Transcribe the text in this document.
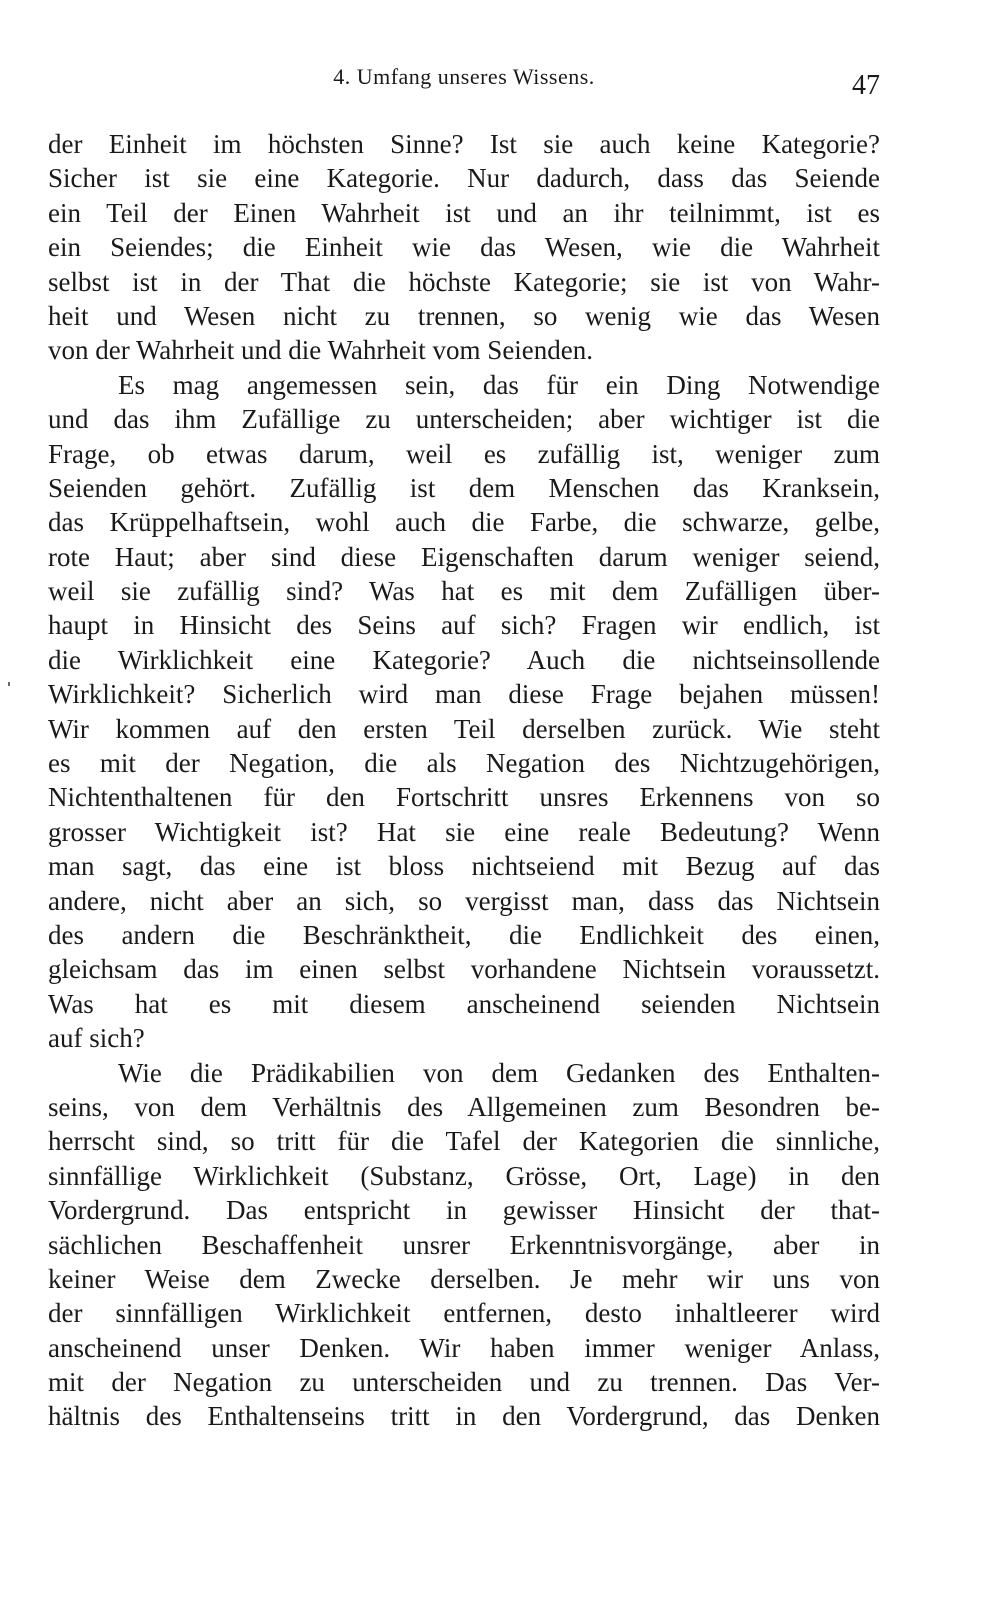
4. Umfang unseres Wissens.	47
der Einheit im höchsten Sinne? Ist sie auch keine Kategorie?
Sicher ist sie eine Kategorie. Nur dadurch, dass das Seiende
ein Teil der Einen Wahrheit ist und an ihr teilnimmt, ist es
ein Seiendes; die Einheit wie das Wesen, wie die Wahrheit
selbst ist in der That die höchste Kategorie; sie ist von Wahr-
heit und Wesen nicht zu trennen, so wenig wie das Wesen
von der Wahrheit und die Wahrheit vom Seienden.
Es mag angemessen sein, das für ein Ding Notwendige
und das ihm Zufällige zu unterscheiden; aber wichtiger ist die
Frage, ob etwas darum, weil es zufällig ist, weniger zum
Seienden gehört. Zufällig ist dem Menschen das Kranksein,
das Krüppelhaftsein, wohl auch die Farbe, die schwarze, gelbe,
rote Haut; aber sind diese Eigenschaften darum weniger seiend,
weil sie zufällig sind? Was hat es mit dem Zufälligen über-
haupt in Hinsicht des Seins auf sich? Fragen wir endlich, ist
die Wirklichkeit eine Kategorie? Auch die nichtseinsollende
Wirklichkeit? Sicherlich wird man diese Frage bejahen müssen!
Wir kommen auf den ersten Teil derselben zurück. Wie steht
es mit der Negation, die als Negation des Nichtzugehörigen,
Nichtenthaltenen für den Fortschritt unsres Erkennens von so
grosser Wichtigkeit ist? Hat sie eine reale Bedeutung? Wenn
man sagt, das eine ist bloss nichtseiend mit Bezug auf das
andere, nicht aber an sich, so vergisst man, dass das Nichtsein
des andern die Beschränktheit, die Endlichkeit des einen,
gleichsam das im einen selbst vorhandene Nichtsein voraussetzt.
Was hat es mit diesem anscheinend seienden Nichtsein
auf sich?
Wie die Prädikabilien von dem Gedanken des Enthalten-
seins, von dem Verhältnis des Allgemeinen zum Besondren be-
herrscht sind, so tritt für die Tafel der Kategorien die sinnliche,
sinnfällige Wirklichkeit (Substanz, Grösse, Ort, Lage) in den
Vordergrund. Das entspricht in gewisser Hinsicht der that-
sächlichen Beschaffenheit unsrer Erkenntnisvorgänge, aber in
keiner Weise dem Zwecke derselben. Je mehr wir uns von
der sinnfälligen Wirklichkeit entfernen, desto inhaltleerer wird
anscheinend unser Denken. Wir haben immer weniger Anlass,
mit der Negation zu unterscheiden und zu trennen. Das Ver-
hältnis des Enthaltenseins tritt in den Vordergrund, das Denken
